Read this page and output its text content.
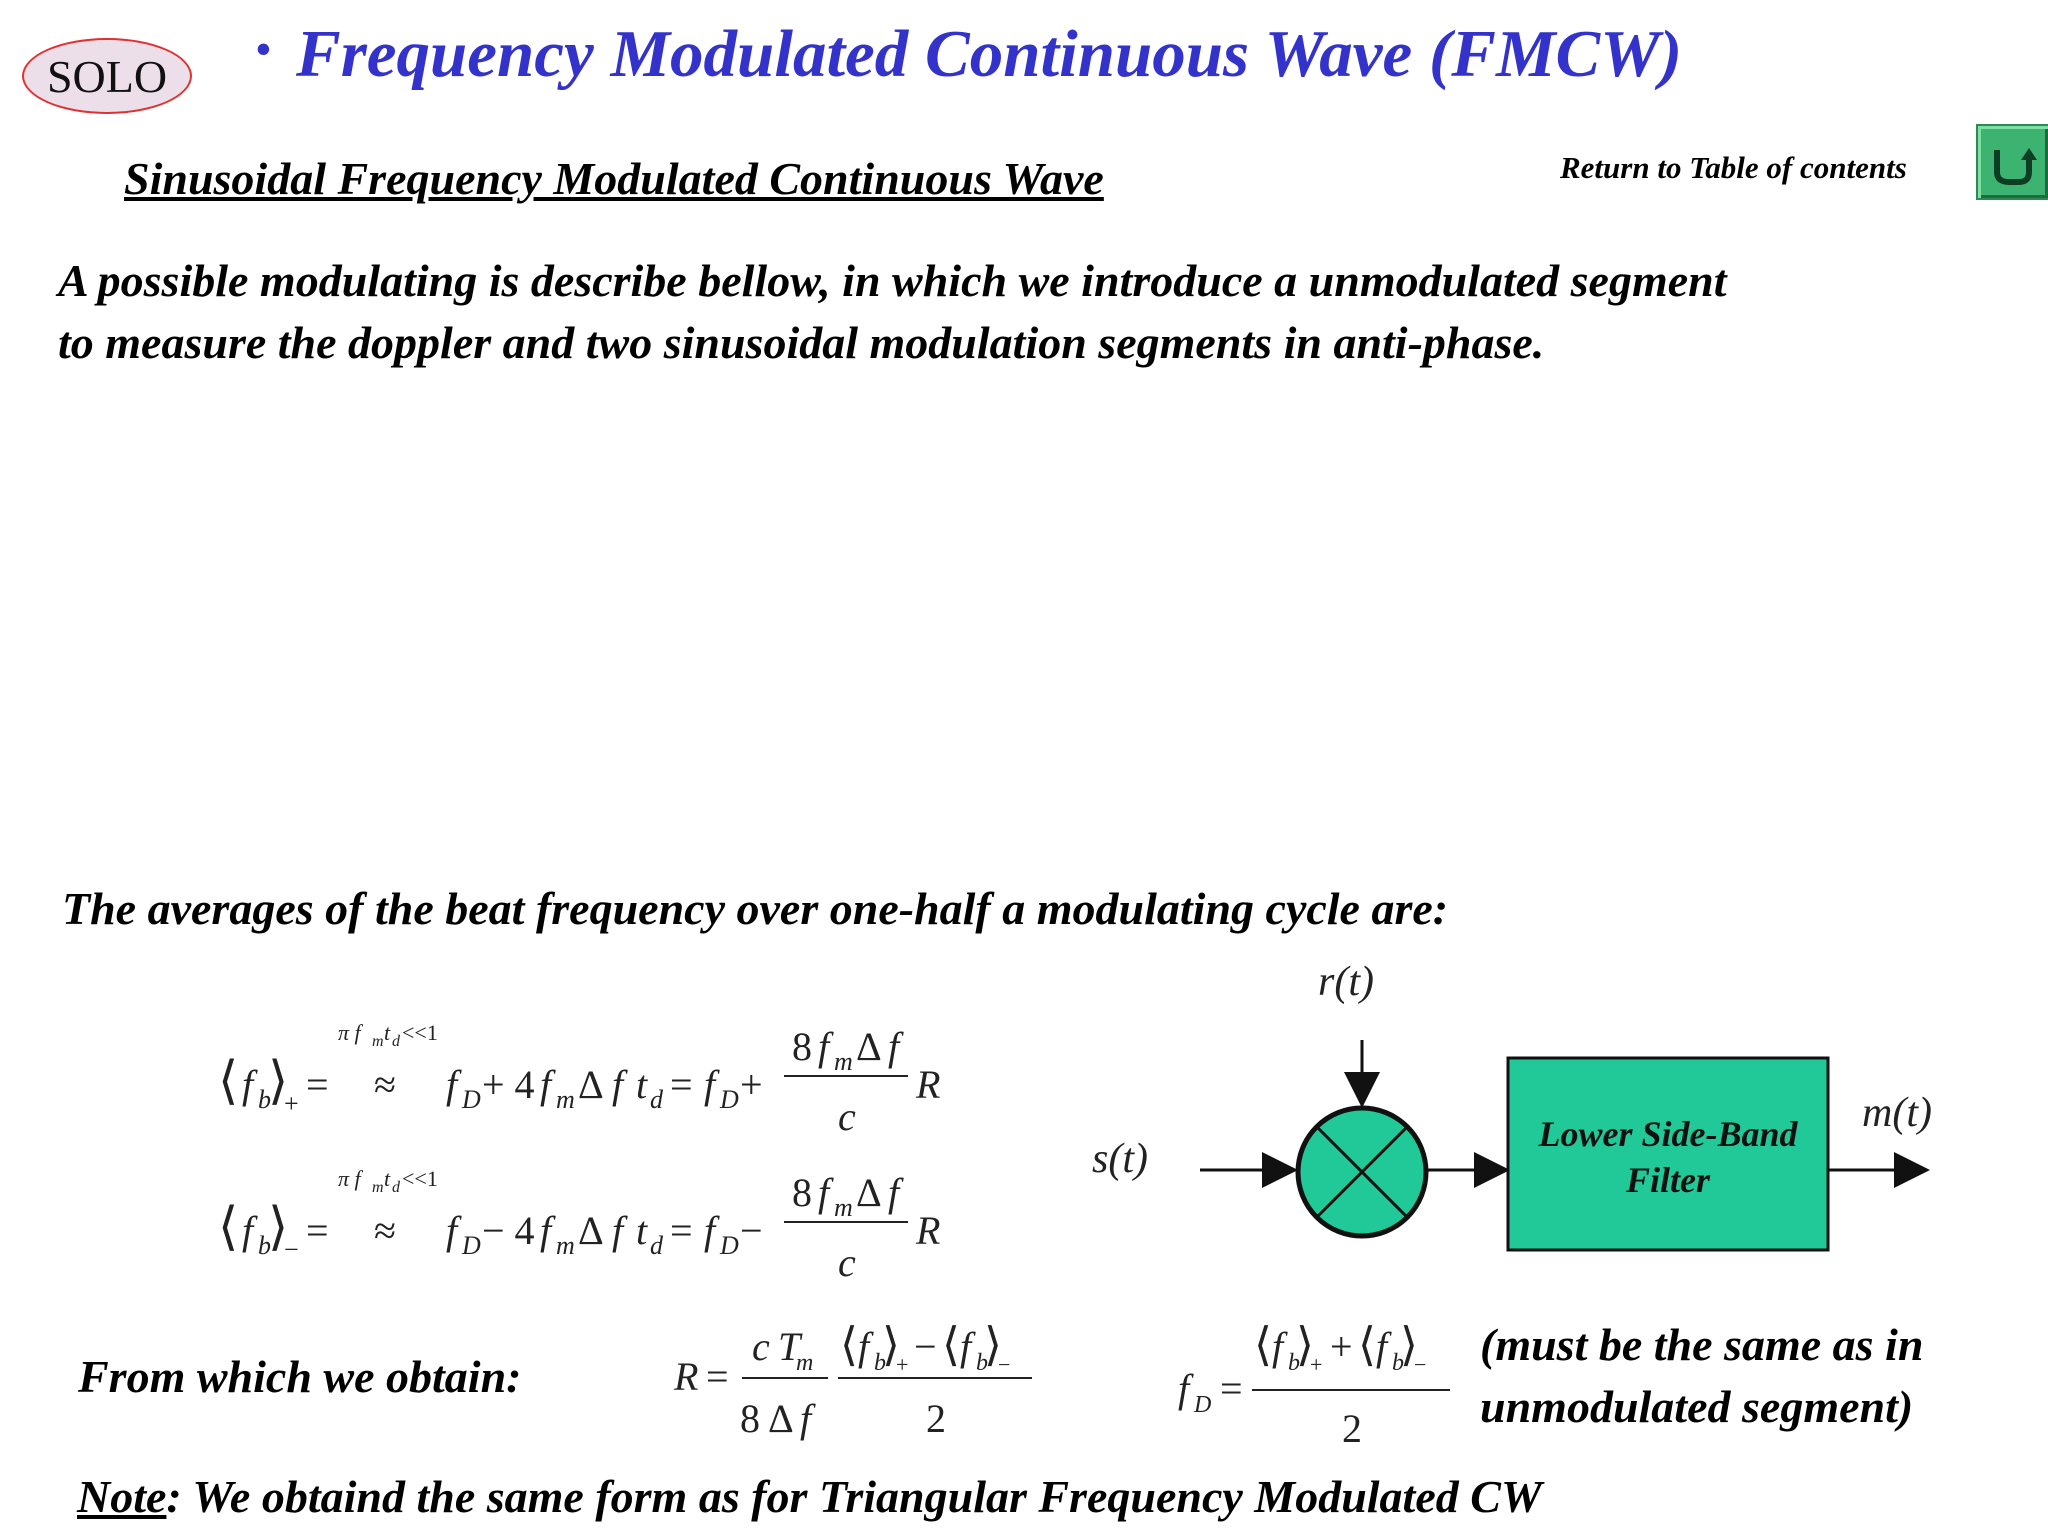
SOLO • Frequency Modulated Continuous Wave (FMCW)
Sinusoidal Frequency Modulated Continuous Wave	Return to Table of contents
A possible modulating is describe bellow, in which we introduce a unmodulated segment
to measure the doppler and two sinusoidal modulation segments in anti-phase.
The averages of the beat frequency over one-half a modulating cycle are:
⟨ f b
⟩
+ =
π f m t d <<1
≈ f D + 4 f m Δ f t d = f D +
8 f m Δ f
c
R
⟨ f b
⟩
− =
π f m t d <<1
≈ f D − 4 f m Δ f t d = f D −
8 f m Δ f
c
R
r(t)
s(t)
Lower Side-Band
Filter
m(t)
From which we obtain:	R =
c T
m
8 Δ f
⟨ f b
⟩
+ − ⟨ f b
⟩
−
2
f D =
⟨ f b
⟩
+ + ⟨ f b
⟩
−
2
(must be the same as in
unmodulated segment)
Note: We obtaind the same form as for Triangular Frequency Modulated CW
